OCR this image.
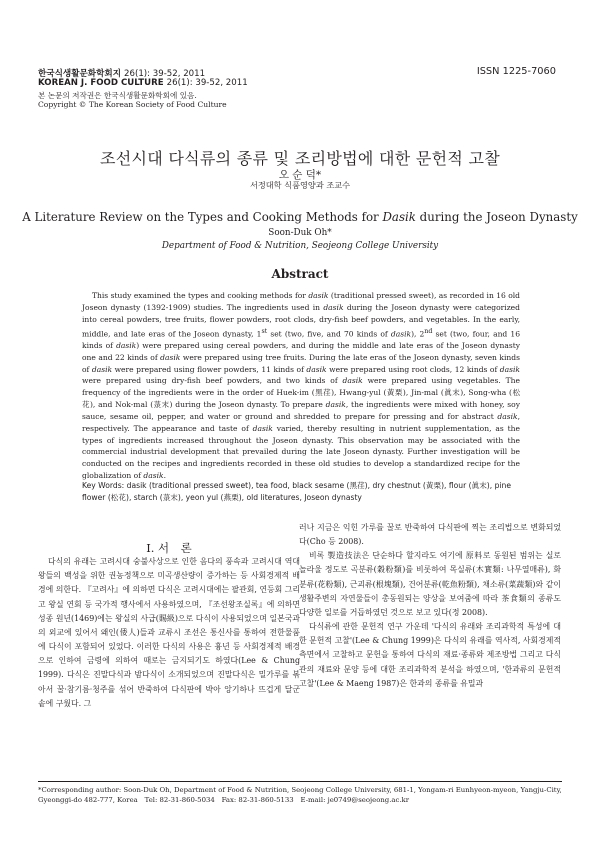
한국식생활문화학회지 26(1): 39-52, 2011
KOREAN J. FOOD CULTURE 26(1): 39-52, 2011
본 논문의 저작권은 한국식생활문화학회에 있음.
Copyright © The Korean Society of Food Culture
ISSN 1225-7060
조선시대 다식류의 종류 및 조리방법에 대한 문헌적 고찰
오 순 덕*
서정대학 식품영양과 조교수
A Literature Review on the Types and Cooking Methods for Dasik during the Joseon Dynasty
Soon-Duk Oh*
Department of Food & Nutrition, Seojeong College University
Abstract

This study examined the types and cooking methods for dasik (traditional pressed sweet), as recorded in 16 old Joseon dynasty (1392-1909) studies. The ingredients used in dasik during the Joseon dynasty were categorized into cereal powders, tree fruits, flower powders, root clods, dry-fish beef powders, and vegetables. In the early, middle, and late eras of the Joseon dynasty, 1st set (two, five, and 70 kinds of dasik), 2nd set (two, four, and 16 kinds of dasik) were prepared using cereal powders, and during the middle and late eras of the Joseon dynasty one and 22 kinds of dasik were prepared using tree fruits. During the late eras of the Joseon dynasty, seven kinds of dasik were prepared using flower powders, 11 kinds of dasik were prepared using root clods, 12 kinds of dasik were prepared using dry-fish beef powders, and two kinds of dasik were prepared using vegetables. The frequency of the ingredients were in the order of Huek-im (黑荏), Hwang-yul (黃栗), Jin-mal (眞末), Song-wha (松花), and Nok-mal (菉末) during the Joseon dynasty. To prepare dasik, the ingredients were mixed with honey, soy sauce, sesame oil, pepper, and water or ground and shredded to prepare for pressing and for abstract dasik, respectively. The appearance and taste of dasik varied, thereby resulting in nutrient supplementation, as the types of ingredients increased throughout the Joseon dynasty. This observation may be associated with the commercial industrial development that prevailed during the late Joseon dynasty. Further investigation will be conducted on the recipes and ingredients recorded in these old studies to develop a standardized recipe for the globalization of dasik.

Key Words: dasik (traditional pressed sweet), tea food, black sesame (黑荏), dry chestnut (黃栗), flour (眞末), pine flower (松花), starch (菉末), yeon yul (燕栗), old literatures, Joseon dynasty

Ⅰ. 서　론

다식의 유래는 고려시대 숭불사상으로 인한 음다의 풍속과 고려시대 역대 왕들의 백성을 위한 권농정책으로 미곡생산량이 증가하는 등 사회경제적 배경에 의한다. 『고려사』에 의하면 다식은 고려시대에는 팔관회, 연등회 그리고 왕실 연회 등 국가적 행사에서 사용하였으며, 『조선왕조실록』에 의하면 성종 원년(1469)에는 왕실의 사급(賜級)으로 다식이 사용되었으며 일본국과의 외교에 있어서 왜인(倭人)들과 교류시 조선은 통신사를 통하여 전한물품에 다식이 포함되어 있었다. 이러한 다식의 사용은 흉년 등 사회경제적 배경으로 인하여 금령에 의하여 때로는 금지되기도 하였다(Lee & Chung 1999). 다식은 진말다식과 밤다식이 소개되었으며 진말다식은 밀가루를 볶아서 꿀·참기름·청주를 섞어 반죽하여 다식판에 박아 앙기하나 뜨겁게 달군 솥에 구웠다. 그

러나 지금은 익힌 가루를 꿀로 반죽하여 다식판에 찍는 조리법으로 변화되었다(Cho 등 2008).

비록 製造技法은 단순하다 할지라도 여기에 原料로 동원된 범위는 실로 놀라울 정도로 곡분류(穀粉類)를 비롯하여 목실류(木實類: 나무열매류), 화분류(花粉類), 근괴류(根塊類), 건어분류(乾魚粉類), 채소류(菜蔬類)와 같이 생활주변의 자연물들이 총동원되는 양상을 보여줌에 따라 茶食類의 종류도 다양한 일로를 거듭하였던 것으로 보고 있다(정 2008).

다식류에 관한 문헌적 연구 가운데 '다식의 유래와 조리과학적 특성에 대한 문헌적 고찰'(Lee & Chung 1999)은 다식의 유래를 역사적, 사회경제적 측면에서 고찰하고 문헌을 통하여 다식의 재료·종류와 제조방법 그리고 다식관의 재료와 문양 등에 대한 조리과학적 분석을 하였으며, '한과류의 문헌적 고찰'(Lee & Maeng 1987)은 한과의 종류를 유밀과

*Corresponding author: Soon-Duk Oh, Department of Food & Nutrition, Seojeong College University, 681-1, Yongam-ri Eunhyeon-myeon, Yangju-City, Gyeonggi-do 482-777, Korea　Tel: 82-31-860-5034　Fax: 82-31-860-5133　E-mail: je0749@seojeong.ac.kr
